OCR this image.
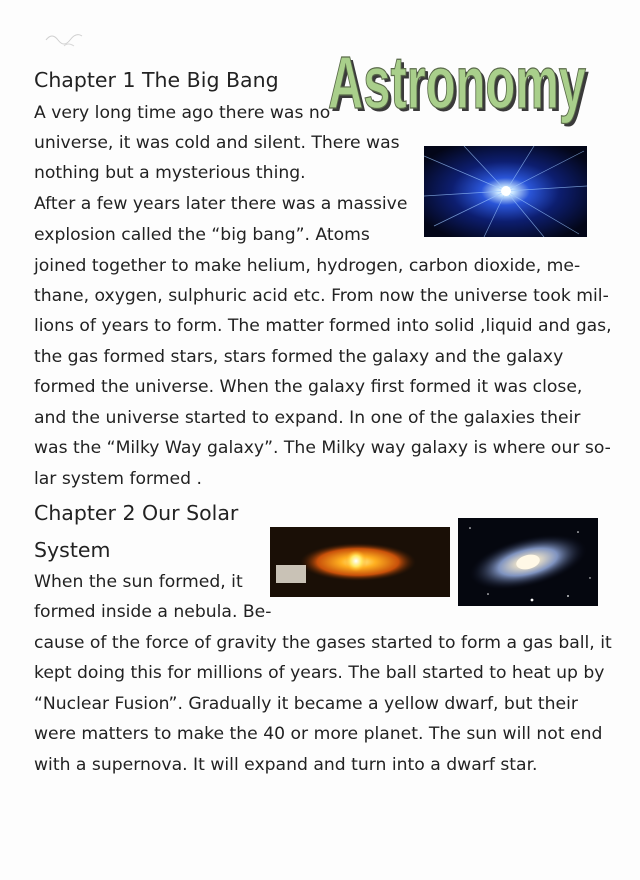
Astronomy
Astronomy
Chapter 1 The Big Bang
A very long time ago there was no
universe, it was cold and silent. There was
nothing but a mysterious thing.
After a few years later there was a massive
explosion called the “big bang”. Atoms
joined together to make helium, hydrogen, carbon dioxide, me-
thane, oxygen, sulphuric acid etc. From now the universe took mil-
lions of years to form. The matter formed into solid ,liquid and gas,
the gas formed stars, stars formed the galaxy and the galaxy
formed the universe. When the galaxy first formed it was close,
and the universe started to expand. In one of the galaxies their
was the “Milky Way galaxy”. The Milky way galaxy is where our so-
lar system formed .
Chapter 2 Our Solar
System
When the sun formed, it
formed inside a nebula. Be-
cause of the force of gravity the gases started to form a gas ball, it
kept doing this for millions of years. The ball started to heat up by
“Nuclear Fusion”. Gradually it became a yellow dwarf, but their
were matters to make the 40 or more planet. The sun will not end
with a supernova. It will expand and turn into a dwarf star.
